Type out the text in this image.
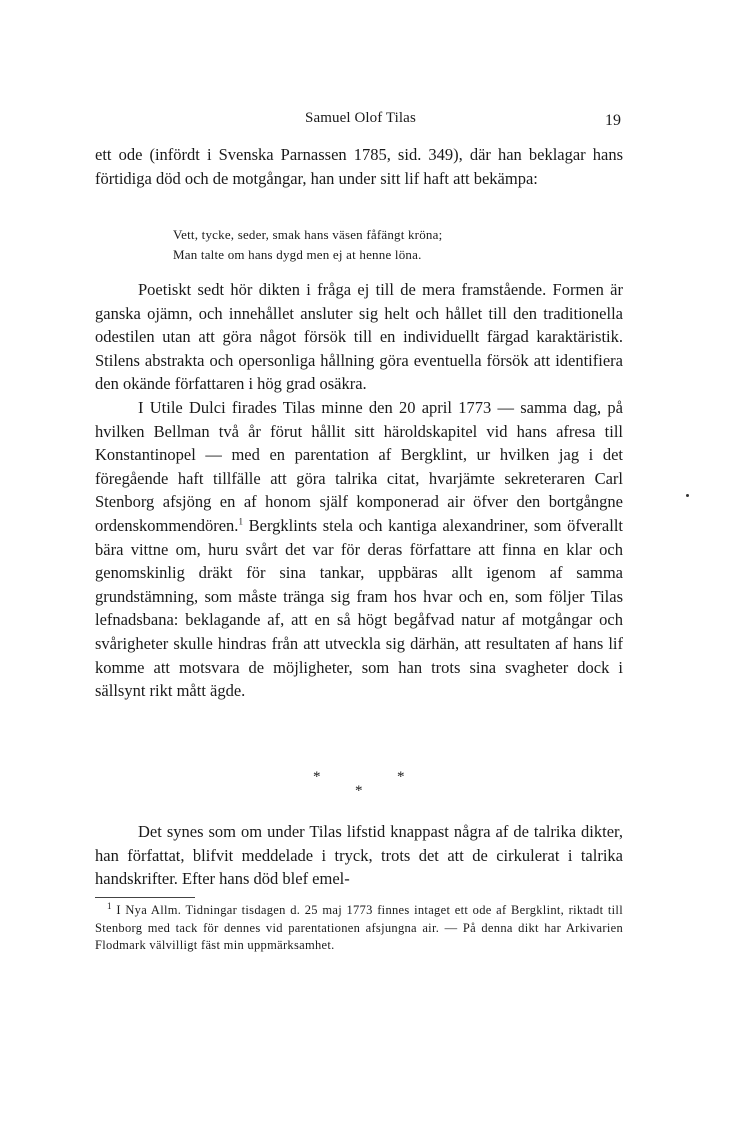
Samuel Olof Tilas	19

ett ode (infördt i Svenska Parnassen 1785, sid. 349), där han beklagar hans förtidiga död och de motgångar, han under sitt lif haft att bekämpa:

Vett, tycke, seder, smak hans väsen fåfängt kröna;
Man talte om hans dygd men ej at henne löna.

Poetiskt sedt hör dikten i fråga ej till de mera framstående. Formen är ganska ojämn, och innehållet ansluter sig helt och hållet till den traditionella odestilen utan att göra något försök till en individuellt färgad karaktäristik. Stilens abstrakta och opersonliga hållning göra eventuella försök att identifiera den okände författaren i hög grad osäkra.

I Utile Dulci firades Tilas minne den 20 april 1773 — samma dag, på hvilken Bellman två år förut hållit sitt häroldskapitel vid hans afresa till Konstantinopel — med en parentation af Bergklint, ur hvilken jag i det föregående haft tillfälle att göra talrika citat, hvarjämte sekreteraren Carl Stenborg afsjöng en af honom själf komponerad air öfver den bortgångne ordenskommendören.$^1$ Bergklints stela och kantiga alexandriner, som öfverallt bära vittne om, huru svårt det var för deras författare att finna en klar och genomskinlig dräkt för sina tankar, uppbäras allt igenom af samma grundstämning, som måste tränga sig fram hos hvar och en, som följer Tilas lefnadsbana: beklagande af, att en så högt begåfvad natur af motgångar och svårigheter skulle hindras från att utveckla sig därhän, att resultaten af hans lif komme att motsvara de möjligheter, som han trots sina svagheter dock i sällsynt rikt mått ägde.

*	*
*

Det synes som om under Tilas lifstid knappast några af de talrika dikter, han författat, blifvit meddelade i tryck, trots det att de cirkulerat i talrika handskrifter. Efter hans död blef emel-

$^1$ I Nya Allm. Tidningar tisdagen d. 25 maj 1773 finnes intaget ett ode af Bergklint, riktadt till Stenborg med tack för dennes vid parentationen afsjungna air. — På denna dikt har Arkivarien Flodmark välvilligt fäst min uppmärksamhet.
